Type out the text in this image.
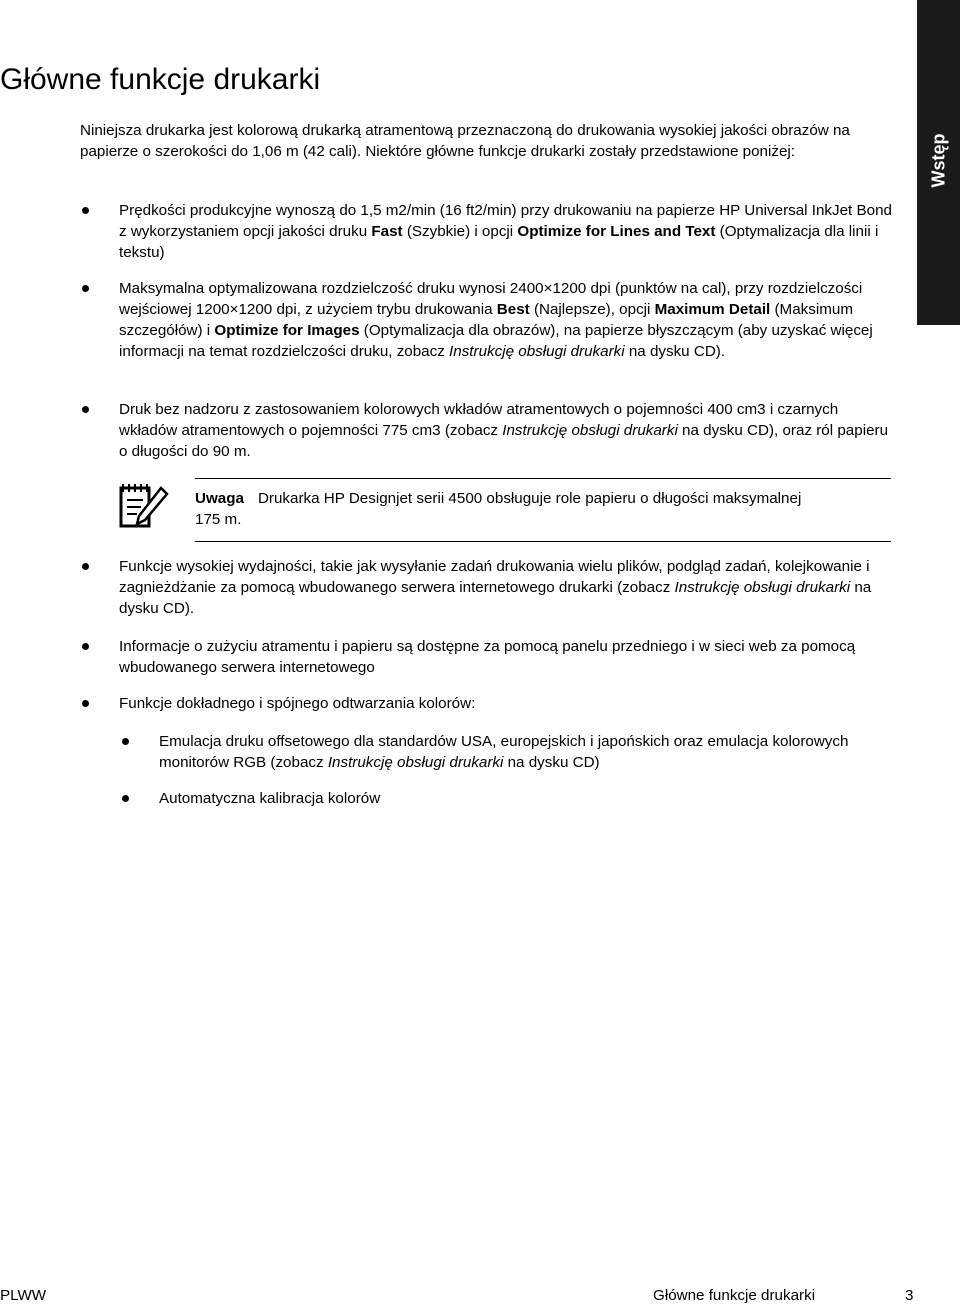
Główne funkcje drukarki
Wstęp

Niniejsza drukarka jest kolorową drukarką atramentową przeznaczoną do drukowania wysokiej jakości obrazów na papierze o szerokości do 1,06 m (42 cali). Niektóre główne funkcje drukarki zostały przedstawione poniżej:

Prędkości produkcyjne wynoszą do 1,5 m2/min (16 ft2/min) przy drukowaniu na papierze HP Universal InkJet Bond z wykorzystaniem opcji jakości druku Fast (Szybkie) i opcji Optimize for Lines and Text (Optymalizacja dla linii i tekstu)
Maksymalna optymalizowana rozdzielczość druku wynosi 2400×1200 dpi (punktów na cal), przy rozdzielczości wejściowej 1200×1200 dpi, z użyciem trybu drukowania Best (Najlepsze), opcji Maximum Detail (Maksimum szczegółów) i Optimize for Images (Optymalizacja dla obrazów), na papierze błyszczącym (aby uzyskać więcej informacji na temat rozdzielczości druku, zobacz Instrukcję obsługi drukarki na dysku CD).
Druk bez nadzoru z zastosowaniem kolorowych wkładów atramentowych o pojemności 400 cm3 i czarnych wkładów atramentowych o pojemności 775 cm3 (zobacz Instrukcję obsługi drukarki na dysku CD), oraz ról papieru o długości do 90 m.
Funkcje wysokiej wydajności, takie jak wysyłanie zadań drukowania wielu plików, podgląd zadań, kolejkowanie i zagnieżdżanie za pomocą wbudowanego serwera internetowego drukarki (zobacz Instrukcję obsługi drukarki na dysku CD).
Informacje o zużyciu atramentu i papieru są dostępne za pomocą panelu przedniego i w sieci web za pomocą wbudowanego serwera internetowego
Funkcje dokładnego i spójnego odtwarzania kolorów:
Emulacja druku offsetowego dla standardów USA, europejskich i japońskich oraz emulacja kolorowych monitorów RGB (zobacz Instrukcję obsługi drukarki na dysku CD)
Automatyczna kalibracja kolorów
Uwaga Drukarka HP Designjet serii 4500 obsługuje role papieru o długości maksymalnej 175 m.
PLWW	Główne funkcje drukarki	3
